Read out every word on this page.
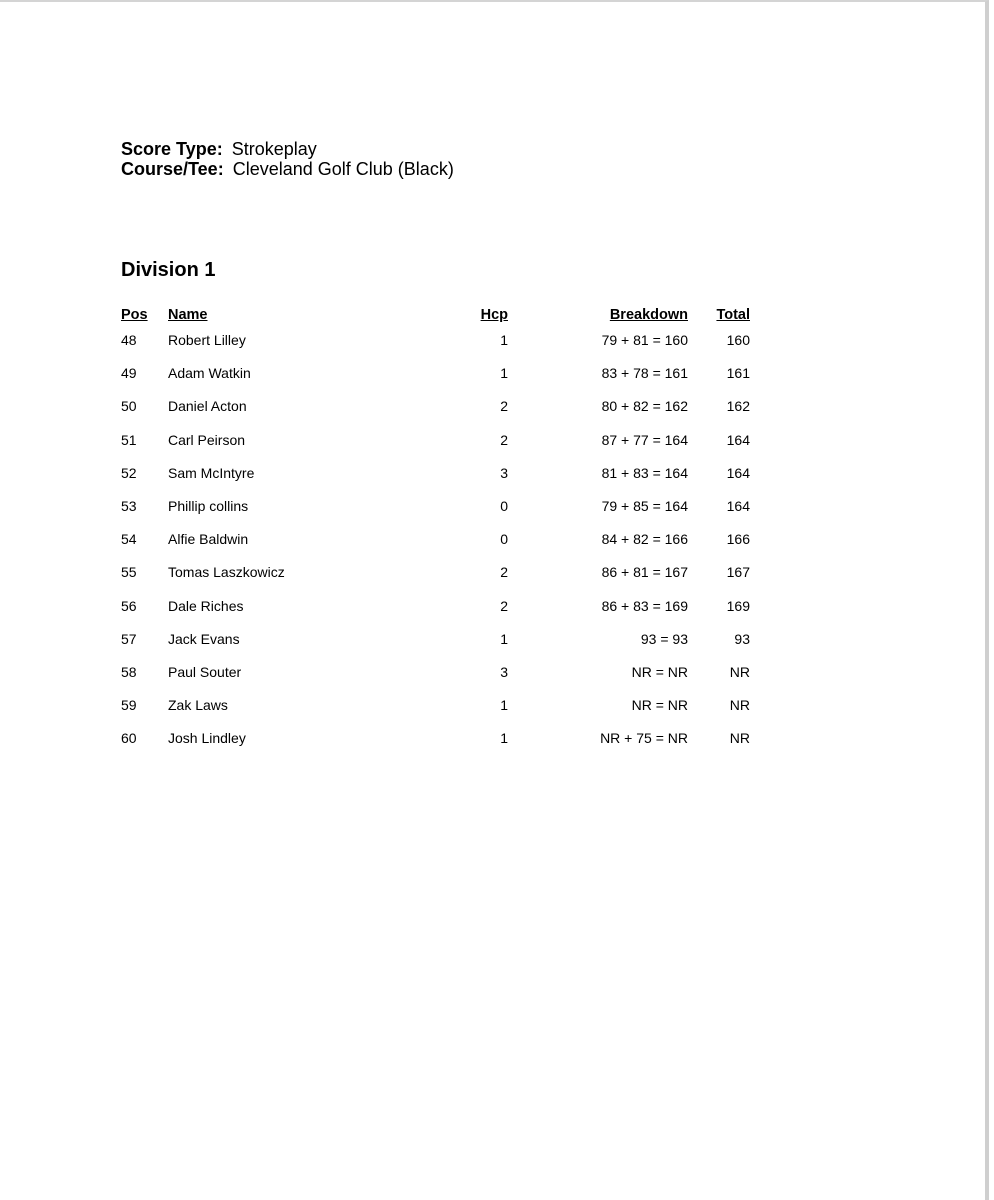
Score Type: Strokeplay
Course/Tee: Cleveland Golf Club (Black)
Division 1
Pos Name	Hcp	Breakdown	Total
48 Robert Lilley	1	79 + 81 = 160	160
49 Adam Watkin	1	83 + 78 = 161	161
50 Daniel Acton	2	80 + 82 = 162	162
51 Carl Peirson	2	87 + 77 = 164	164
52 Sam McIntyre	3	81 + 83 = 164	164
53 Phillip collins	0	79 + 85 = 164	164
54 Alfie Baldwin	0	84 + 82 = 166	166
55 Tomas Laszkowicz	2	86 + 81 = 167	167
56 Dale Riches	2	86 + 83 = 169	169
57 Jack Evans	1	93 = 93	93
58 Paul Souter	3	NR = NR	NR
59 Zak Laws	1	NR = NR	NR
60 Josh Lindley	1	NR + 75 = NR	NR
